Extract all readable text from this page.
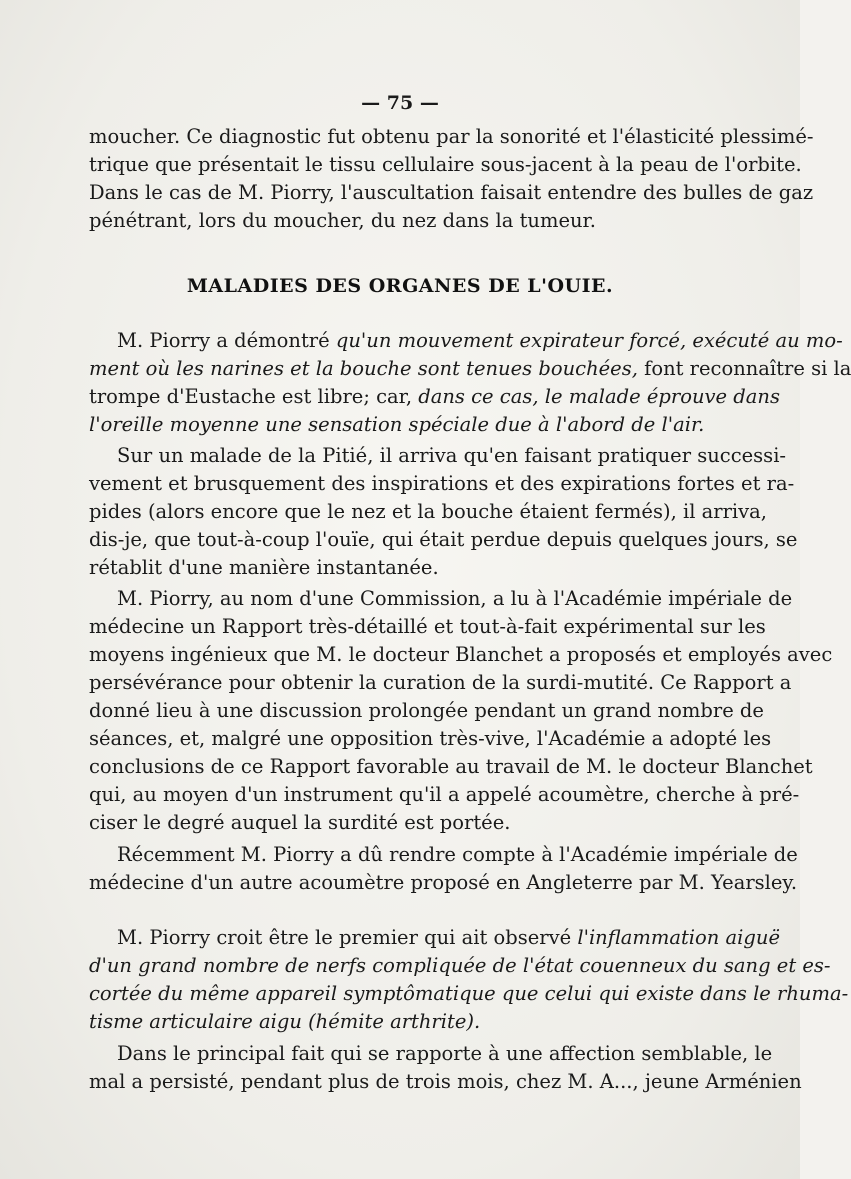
— 75 —
moucher. Ce diagnostic fut obtenu par la sonorité et l'élasticité plessimé-
trique que présentait le tissu cellulaire sous-jacent à la peau de l'orbite.
Dans le cas de M. Piorry, l'auscultation faisait entendre des bulles de gaz
pénétrant, lors du moucher, du nez dans la tumeur.
MALADIES DES ORGANES DE L'OUIE.
M. Piorry a démontré qu'un mouvement expirateur forcé, exécuté au mo-
ment où les narines et la bouche sont tenues bouchées, font reconnaître si la
trompe d'Eustache est libre; car, dans ce cas, le malade éprouve dans
l'oreille moyenne une sensation spéciale due à l'abord de l'air.
Sur un malade de la Pitié, il arriva qu'en faisant pratiquer successi-
vement et brusquement des inspirations et des expirations fortes et ra-
pides (alors encore que le nez et la bouche étaient fermés), il arriva,
dis-je, que tout-à-coup l'ouïe, qui était perdue depuis quelques jours, se
rétablit d'une manière instantanée.
M. Piorry, au nom d'une Commission, a lu à l'Académie impériale de
médecine un Rapport très-détaillé et tout-à-fait expérimental sur les
moyens ingénieux que M. le docteur Blanchet a proposés et employés avec
persévérance pour obtenir la curation de la surdi-mutité. Ce Rapport a
donné lieu à une discussion prolongée pendant un grand nombre de
séances, et, malgré une opposition très-vive, l'Académie a adopté les
conclusions de ce Rapport favorable au travail de M. le docteur Blanchet
qui, au moyen d'un instrument qu'il a appelé acoumètre, cherche à pré-
ciser le degré auquel la surdité est portée.
Récemment M. Piorry a dû rendre compte à l'Académie impériale de
médecine d'un autre acoumètre proposé en Angleterre par M. Yearsley.
M. Piorry croit être le premier qui ait observé l'inflammation aiguë
d'un grand nombre de nerfs compliquée de l'état couenneux du sang et es-
cortée du même appareil symptômatique que celui qui existe dans le rhuma-
tisme articulaire aigu (hémite arthrite).
Dans le principal fait qui se rapporte à une affection semblable, le
mal a persisté, pendant plus de trois mois, chez M. A..., jeune Arménien
